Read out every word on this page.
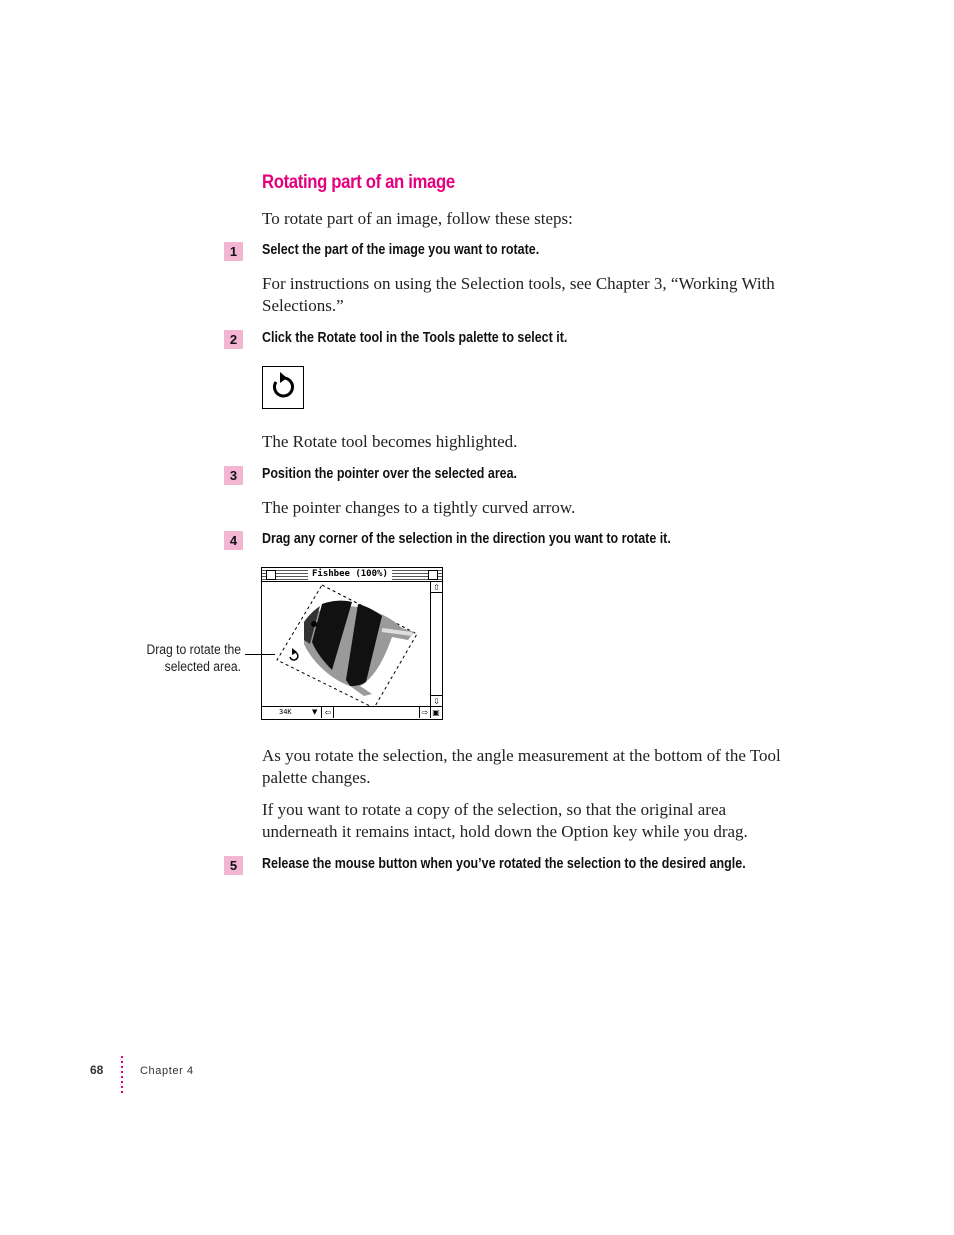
Rotating part of an image

To rotate part of an image, follow these steps:

1	Select the part of the image you want to rotate.

For instructions on using the Selection tools, see Chapter 3, “Working With Selections.”

2	Click the Rotate tool in the Tools palette to select it.

The Rotate tool becomes highlighted.

3	Position the pointer over the selected area.

The pointer changes to a tightly curved arrow.

4	Drag any corner of the selection in the direction you want to rotate it.

Fishbee (100%)
⇧
⇩
34K	▼ ⇦	⇨ ▣

Drag to rotate the selected area.

As you rotate the selection, the angle measurement at the bottom of the Tool palette changes.

If you want to rotate a copy of the selection, so that the original area underneath it remains intact, hold down the Option key while you drag.

5	Release the mouse button when you’ve rotated the selection to the desired angle.

68	Chapter 4
